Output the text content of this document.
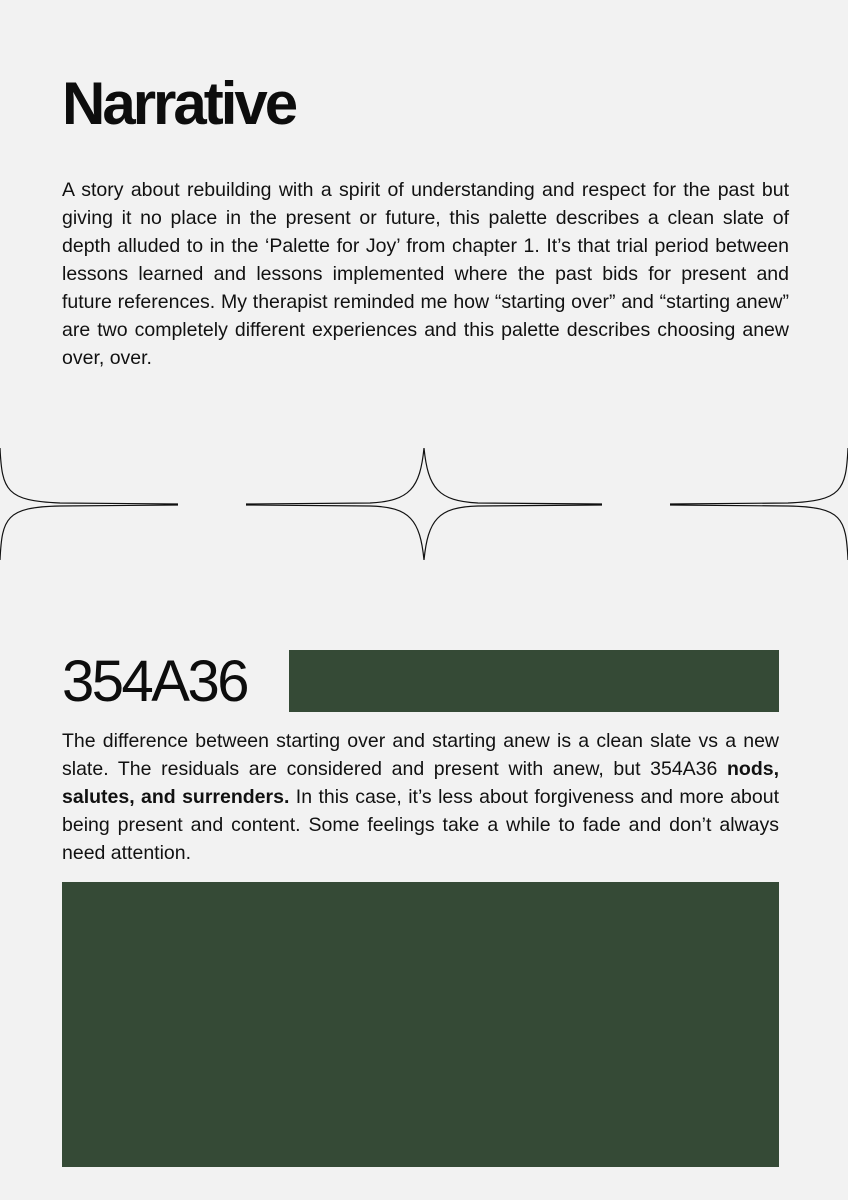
Narrative

A story about rebuilding with a spirit of understanding and respect for the past but giving it no place in the present or future, this palette describes a clean slate of depth alluded to in the ‘Palette for Joy’ from chapter 1. It’s that trial period between lessons learned and lessons implemented where the past bids for present and future references. My therapist reminded me how “starting over” and “starting anew” are two completely different experiences and this palette describes choosing anew over, over.

354A36

The difference between starting over and starting anew is a clean slate vs a new slate. The residuals are considered and present with anew, but 354A36 nods, salutes, and surrenders. In this case, it’s less about forgiveness and more about being present and content. Some feelings take a while to fade and don’t always need attention.
